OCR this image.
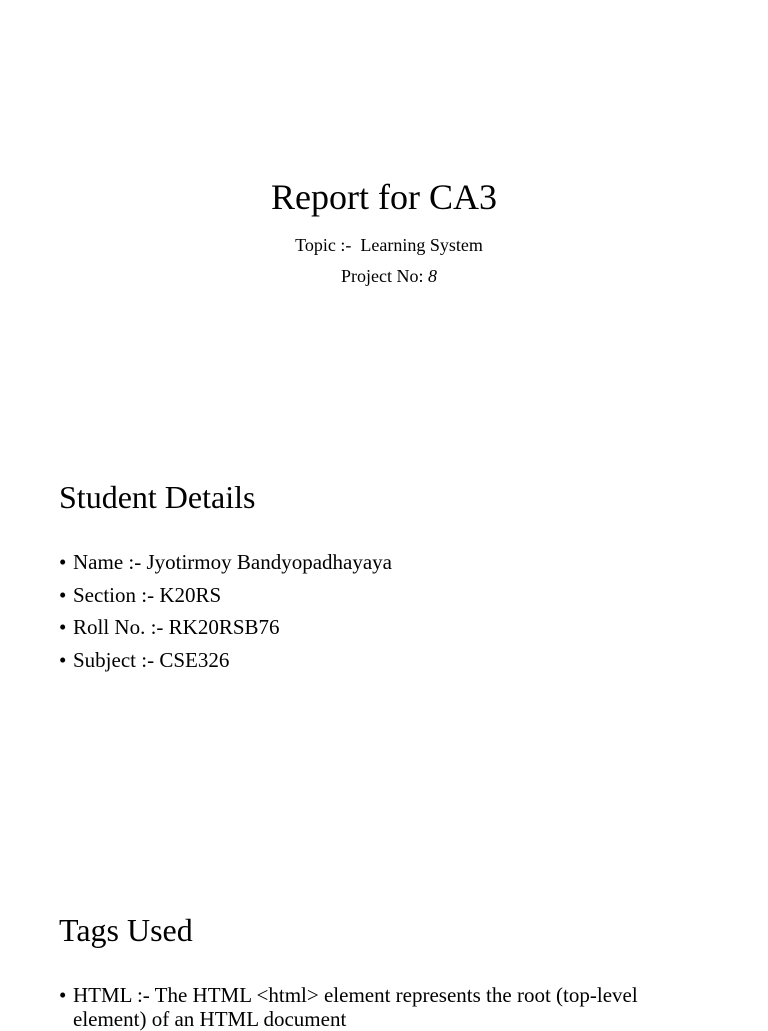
Report for CA3
Topic :- Learning System
Project No: 8
Student Details
• Name :- Jyotirmoy Bandyopadhayaya
• Section :- K20RS
• Roll No. :- RK20RSB76
• Subject :- CSE326
Tags Used
• HTML :- The HTML <html> element represents the root (top-level element) of an HTML document
